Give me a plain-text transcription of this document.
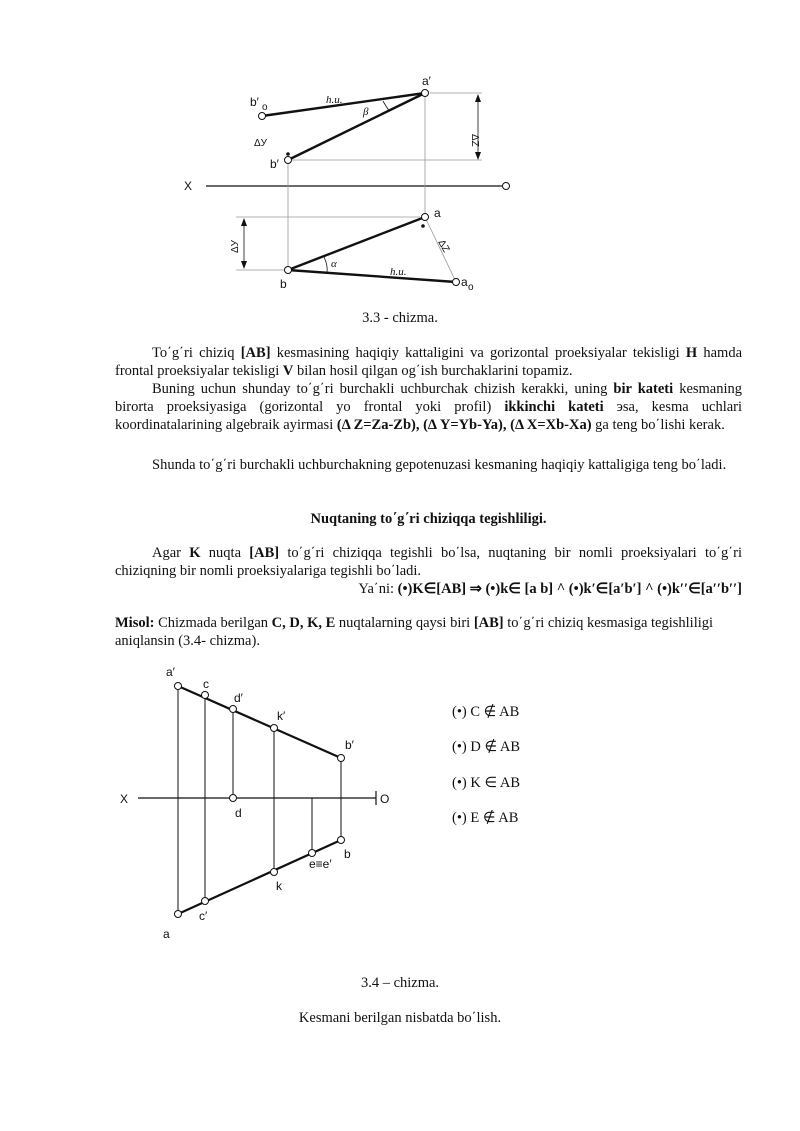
X
a′
b′ o
b′
h.u.
β
ΔУ	ΔZ
a
b
α
h.u.
a o
ΔZ
ΔУ
3.3 - chizma.
To΄g΄ri chiziq [AB] kesmasining haqiqiy kattaligini va gorizontal proeksiyalar tekisligi H hamda frontal proeksiyalar tekisligi V bilan hosil qilgan og΄ish burchaklarini topamiz.
Buning uchun shunday to΄g΄ri burchakli uchburchak chizish kerakki, uning bir kateti kesmaning birorta proeksiyasiga (gorizontal yo frontal yoki profil) ikkinchi kateti эsa, kesma uchlari koordinatalarining algebraik ayirmasi (Δ Z=Za-Zb), (Δ Y=Yb-Ya), (Δ X=Xb-Xa) ga teng bo΄lishi kerak.
Shunda to΄g΄ri burchakli uchburchakning gepotenuzasi kesmaning haqiqiy kattaligiga teng bo΄ladi.
Nuqtaning to΄g΄ri chiziqqa tegishliligi.
Agar K nuqta [AB] to΄g΄ri chiziqqa tegishli bo΄lsa, nuqtaning bir nomli proeksiyalari to΄g΄ri chiziqning bir nomli proeksiyalariga tegishli bo΄ladi.
Ya΄ni: (•)K∈[AB] ⇒ (•)k∈ [a b] ^ (•)k′∈[a′b′] ^ (•)k′′∈[a′′b′′]
Misol: Chizmada berilgan C, D, K, E nuqtalarning qaysi biri [AB] to΄g΄ri chiziq kesmasiga tegishliligi aniqlansin (3.4- chizma).
X	O
a′
c
d′
k′
b′
d
b
e≡e′
k
c′
a
(•) C ∉ AB
(•) D ∉ AB
(•) K ∈ AB
(•) E ∉ AB
3.4 – chizma.
Kesmani berilgan nisbatda bo΄lish.
